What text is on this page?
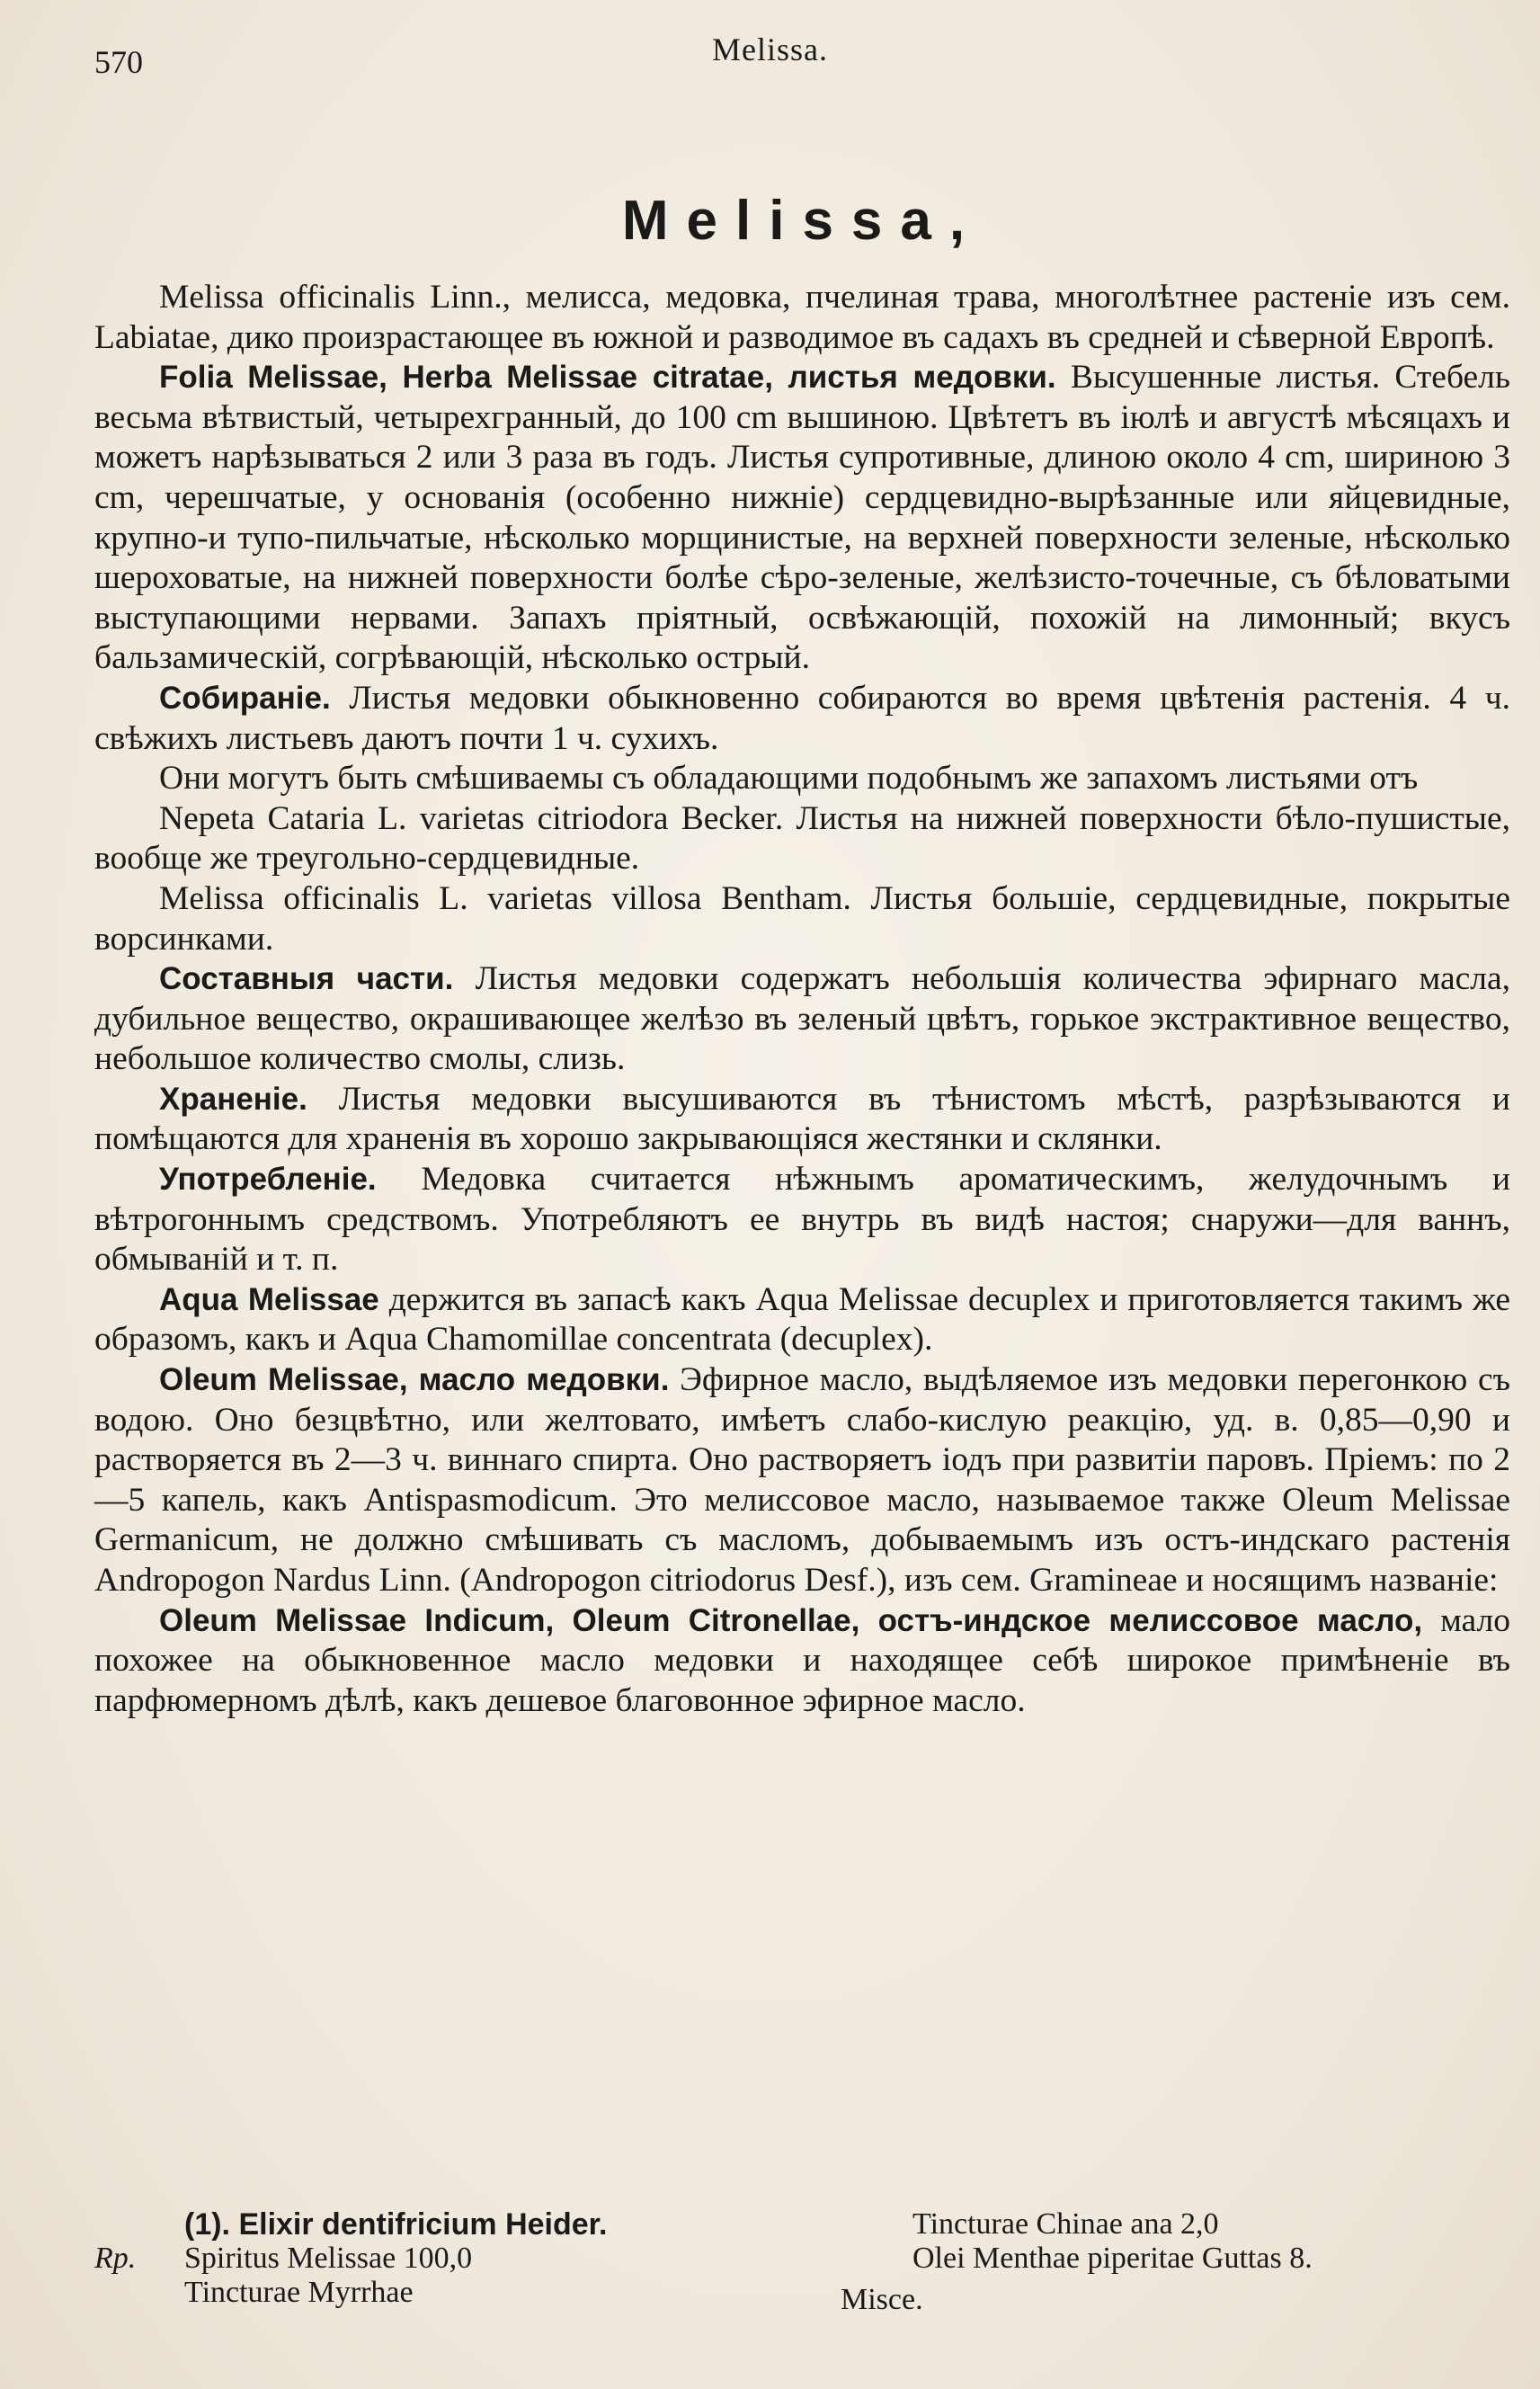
570	Melissa.
Melissa,

Melissa officinalis Linn., мелисса, медовка, пчелиная трава, многолѣтнее растеніе изъ сем. Labiatae, дико произрастающее въ южной и разводимое въ садахъ въ средней и сѣверной Европѣ.

Folia Melissae, Herba Melissae citratae, листья медовки. Высушенные листья. Стебель весьма вѣтвистый, четырехгранный, до 100 cm вышиною. Цвѣтетъ въ іюлѣ и августѣ мѣсяцахъ и можетъ нарѣзываться 2 или 3 раза въ годъ. Листья супротивные, длиною около 4 cm, шириною 3 cm, черешчатые, у основанія (особенно нижніе) сердцевидно-вырѣзанные или яйцевидные, крупно-и тупо-пильчатые, нѣсколько морщинистые, на верхней поверхности зеленые, нѣсколько шероховатые, на нижней поверхности болѣе сѣро-зеленые, желѣзисто-точечные, съ бѣловатыми выступающими нервами. Запахъ пріятный, освѣжающій, похожій на лимонный; вкусъ бальзамическій, согрѣвающій, нѣсколько острый.

Собираніе. Листья медовки обыкновенно собираются во время цвѣтенія растенія. 4 ч. свѣжихъ листьевъ даютъ почти 1 ч. сухихъ.

Они могутъ быть смѣшиваемы съ обладающими подобнымъ же запахомъ листьями отъ

Nepeta Cataria L. varietas citriodora Becker. Листья на нижней поверхности бѣло-пушистые, вообще же треугольно-сердцевидные.

Melissa officinalis L. varietas villosa Bentham. Листья большіе, сердцевидные, покрытые ворсинками.

Составныя части. Листья медовки содержатъ небольшія количества эфирнаго масла, дубильное вещество, окрашивающее желѣзо въ зеленый цвѣтъ, горькое экстрактивное вещество, небольшое количество смолы, слизь.

Храненіе. Листья медовки высушиваются въ тѣнистомъ мѣстѣ, разрѣзываются и помѣщаются для храненія въ хорошо закрывающіяся жестянки и склянки.

Употребленіе. Медовка считается нѣжнымъ ароматическимъ, желудочнымъ и вѣтрогоннымъ средствомъ. Употребляютъ ее внутрь въ видѣ настоя; снаружи—для ваннъ, обмываній и т. п.

Aqua Melissae держится въ запасѣ какъ Aqua Melissae decuplex и приготовляется такимъ же образомъ, какъ и Aqua Chamomillae concentrata (decuplex).

Oleum Melissae, масло медовки. Эфирное масло, выдѣляемое изъ медовки перегонкою съ водою. Оно безцвѣтно, или желтовато, имѣетъ слабо-кислую реакцію, уд. в. 0,85—0,90 и растворяется въ 2—3 ч. виннаго спирта. Оно растворяетъ іодъ при развитіи паровъ. Пріемъ: по 2—5 капель, какъ Antispasmodicum. Это мелиссовое масло, называемое также Oleum Melissae Germanicum, не должно смѣшивать съ масломъ, добываемымъ изъ остъ-индскаго растенія Andropogon Nardus Linn. (Andropogon citriodorus Desf.), изъ сем. Gramineae и носящимъ названіе:

Oleum Melissae Indicum, Oleum Citronellae, остъ-индское мелиссовое масло, мало похожее на обыкновенное масло медовки и находящее себѣ широкое примѣненіе въ парфюмерномъ дѣлѣ, какъ дешевое благовонное эфирное масло.

(1). Elixir dentifricium Heider.
Rp. Spiritus Melissae 100,0
Tincturae Myrrhae
Tincturae Chinae ana 2,0
Olei Menthae piperitae Guttas 8.
Misce.
